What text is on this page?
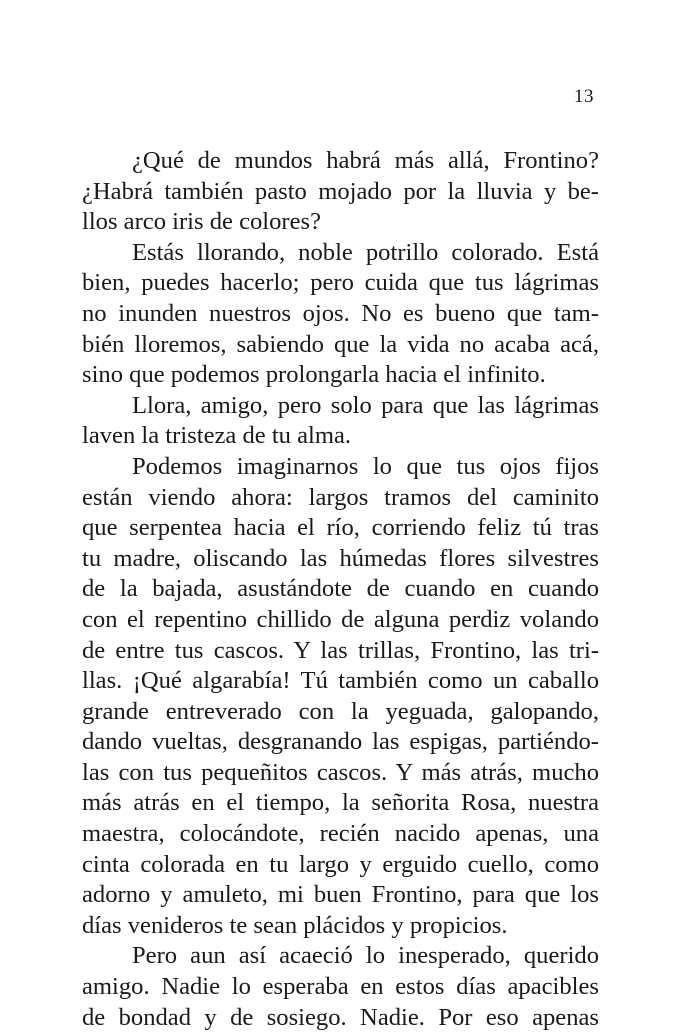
13
¿Qué de mundos habrá más allá, Frontino?
¿Habrá también pasto mojado por la lluvia y be-
llos arco iris de colores?
Estás llorando, noble potrillo colorado. Está
bien, puedes hacerlo; pero cuida que tus lágrimas
no inunden nuestros ojos. No es bueno que tam-
bién lloremos, sabiendo que la vida no acaba acá,
sino que podemos prolongarla hacia el infinito.
Llora, amigo, pero solo para que las lágrimas
laven la tristeza de tu alma.
Podemos imaginarnos lo que tus ojos fijos
están viendo ahora: largos tramos del caminito
que serpentea hacia el río, corriendo feliz tú tras
tu madre, oliscando las húmedas flores silvestres
de la bajada, asustándote de cuando en cuando
con el repentino chillido de alguna perdiz volando
de entre tus cascos. Y las trillas, Frontino, las tri-
llas. ¡Qué algarabía! Tú también como un caballo
grande entreverado con la yeguada, galopando,
dando vueltas, desgranando las espigas, partiéndo-
las con tus pequeñitos cascos. Y más atrás, mucho
más atrás en el tiempo, la señorita Rosa, nuestra
maestra, colocándote, recién nacido apenas, una
cinta colorada en tu largo y erguido cuello, como
adorno y amuleto, mi buen Frontino, para que los
días venideros te sean plácidos y propicios.
Pero aun así acaeció lo inesperado, querido
amigo. Nadie lo esperaba en estos días apacibles
de bondad y de sosiego. Nadie. Por eso apenas
